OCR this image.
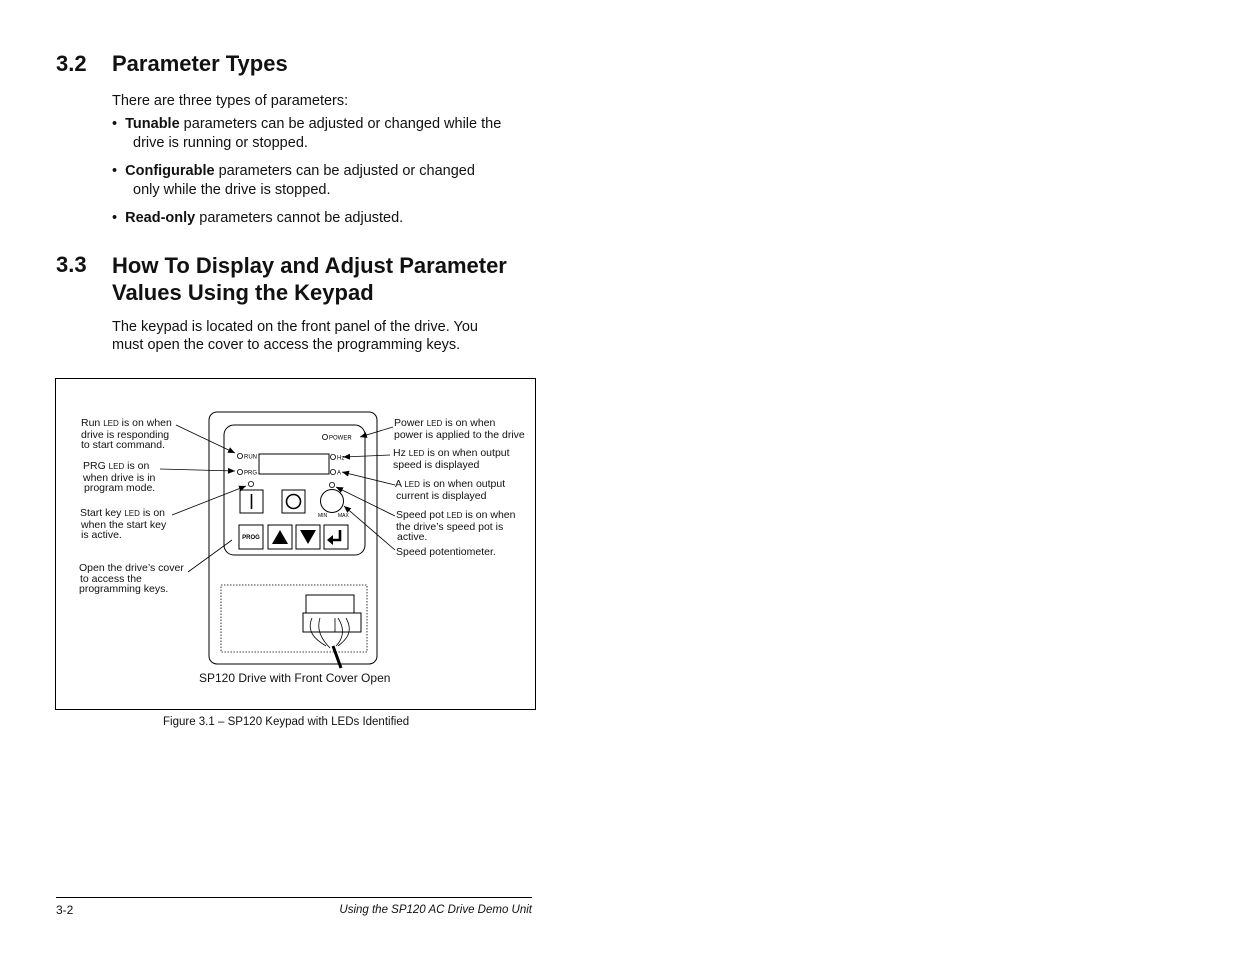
3.2 Parameter Types
There are three types of parameters:
•  Tunable parameters can be adjusted or changed while the
drive is running or stopped.
•  Configurable parameters can be adjusted or changed
only while the drive is stopped.
•  Read-only parameters cannot be adjusted.
3.3 How To Display and Adjust Parameter
Values Using the Keypad
The keypad is located on the front panel of the drive. You
must open the cover to access the programming keys.
RUN
PRG
POWER
Hz
A
MIN MAX
PROG
Run LED is on when
drive is responding
to start command.
PRG LED is on
when drive is in
program mode.
Start key LED is on
when the start key
is active.
Open the drive’s cover
to access the
programming keys.
Power LED is on when
power is applied to the drive
Hz LED is on when output
speed is displayed
A LED is on when output
current is displayed
Speed pot LED is on when
the drive’s speed pot is
active.
Speed potentiometer.
SP120 Drive with Front Cover Open
Figure 3.1 – SP120 Keypad with LEDs Identified
3-2	Using the SP120 AC Drive Demo Unit
